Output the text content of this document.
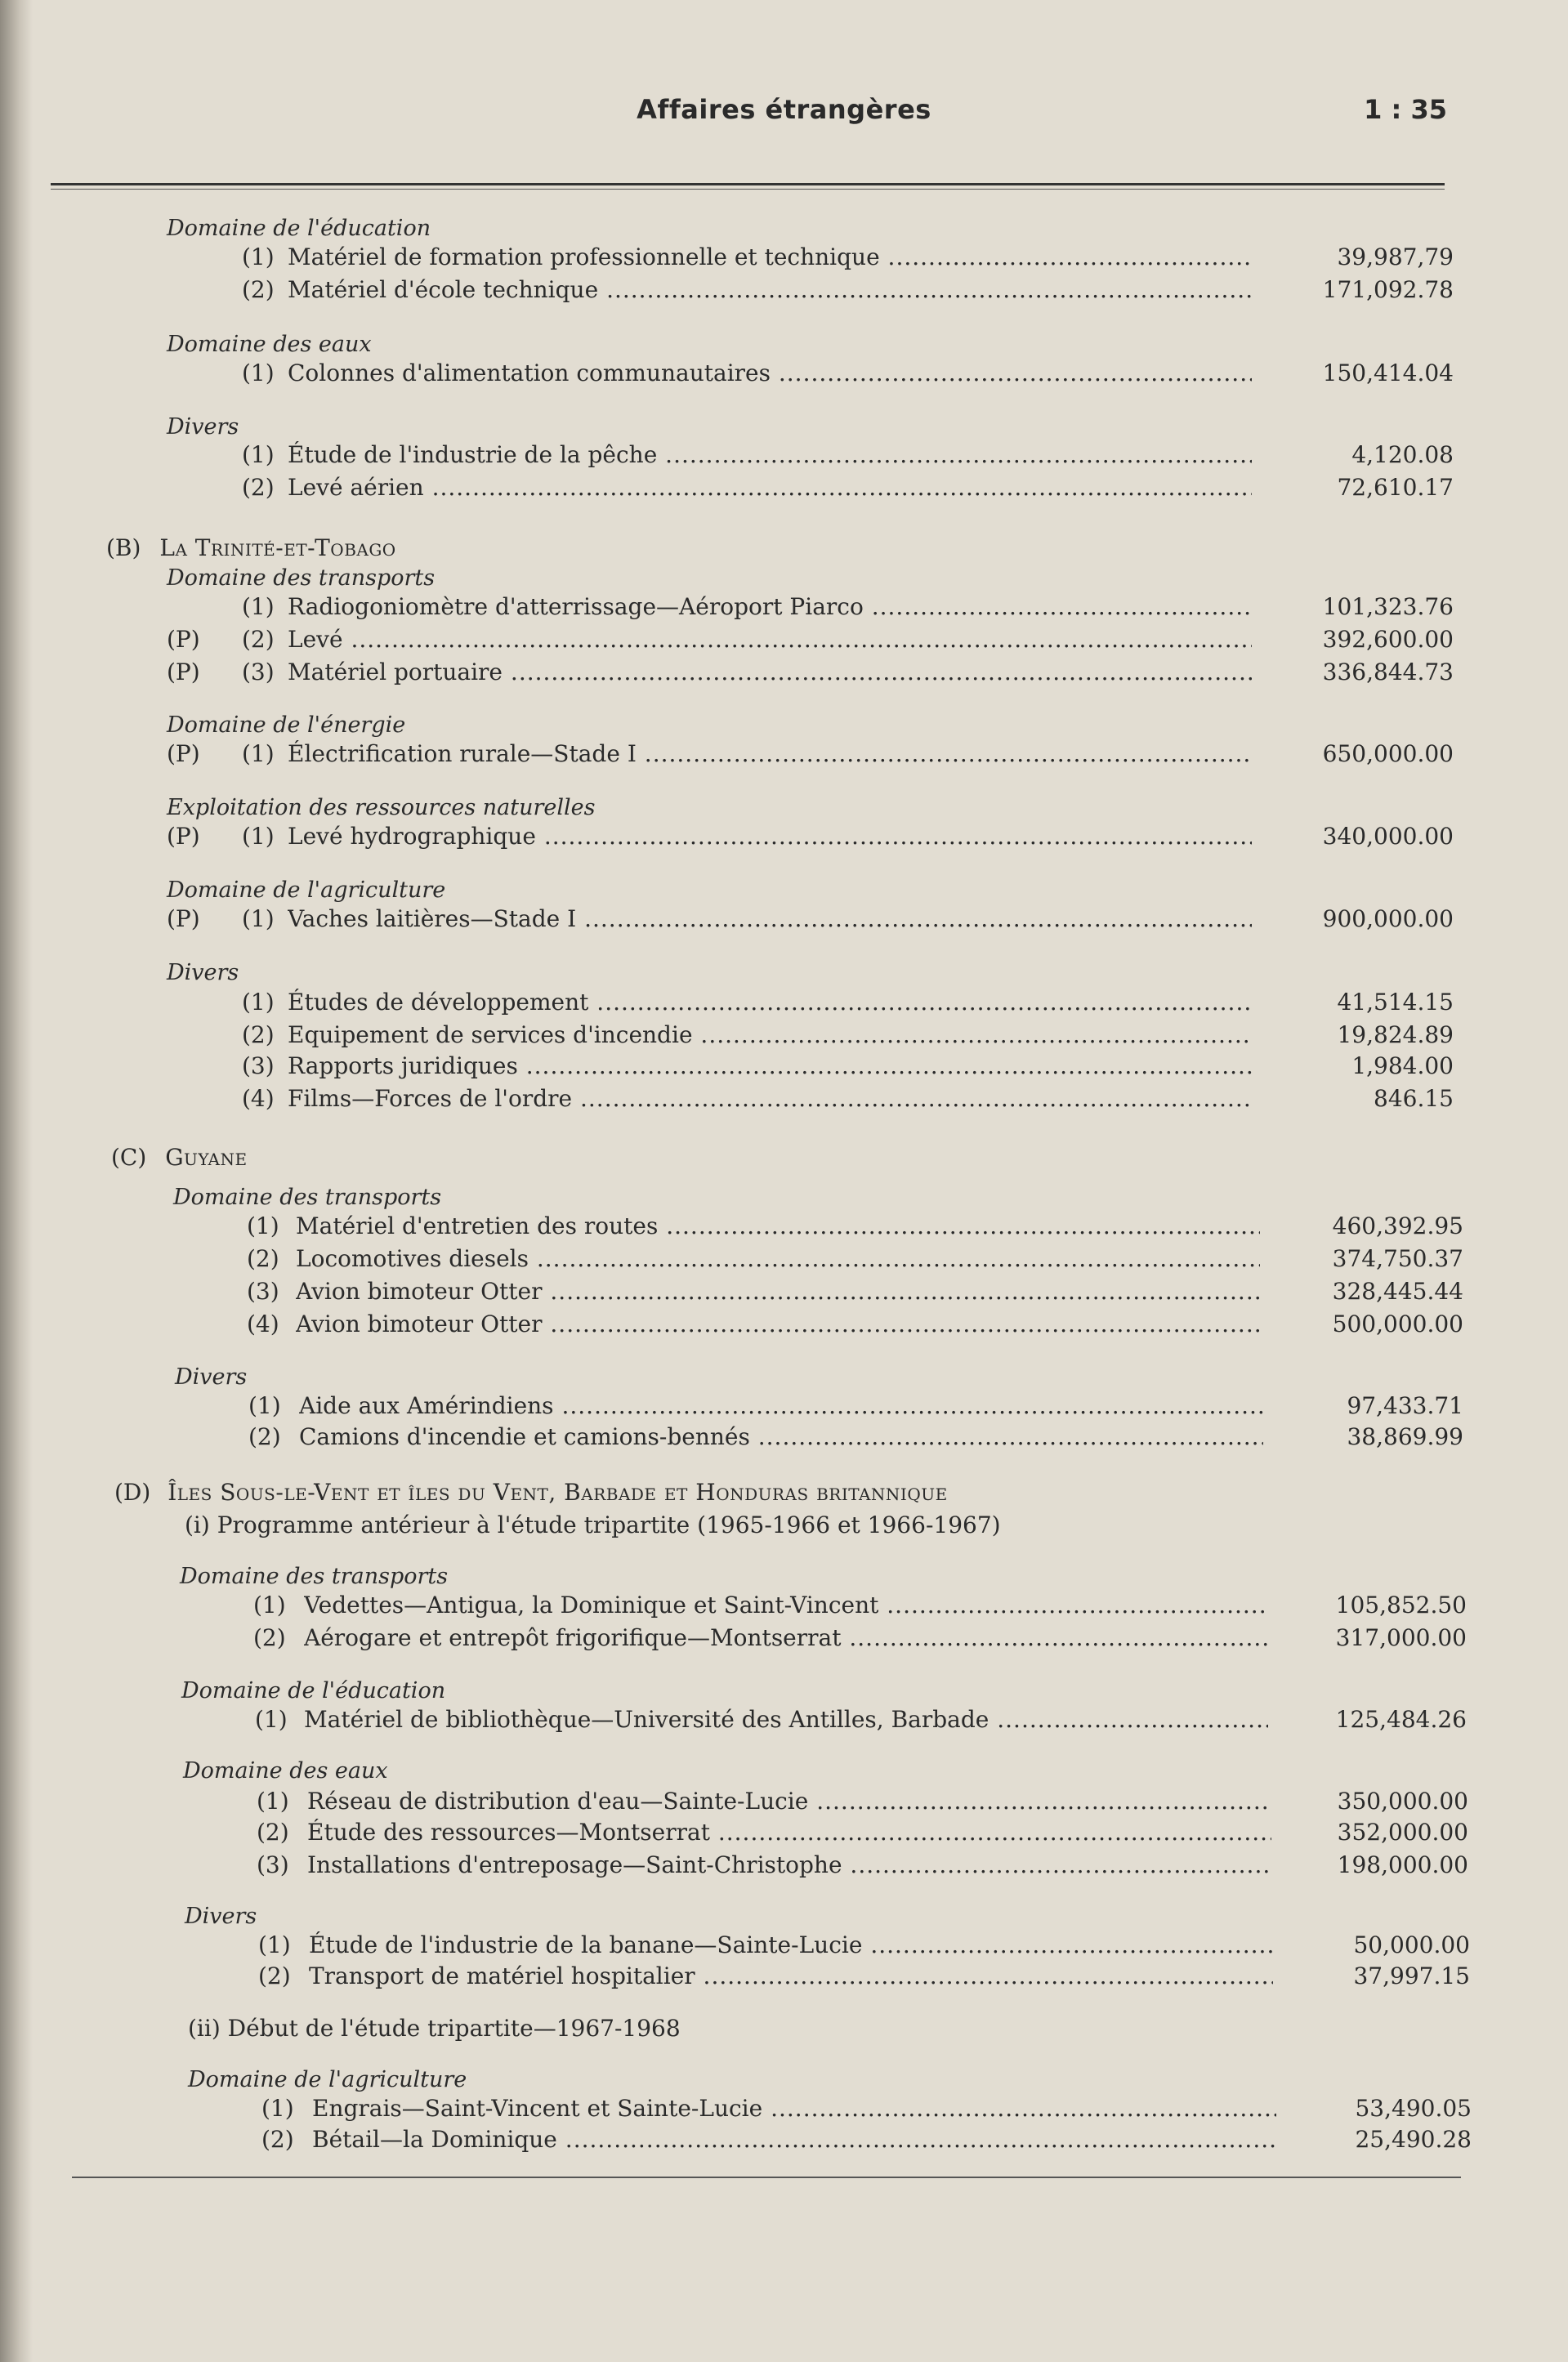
Affaires étrangères	1 : 35
Domaine de l'éducation
(1) Matériel de formation professionnelle et technique .....	39,987,79
(2) Matériel d'école technique .....	171,092.78
Domaine des eaux
(1) Colonnes d'alimentation communautaires .....	150,414.04
Divers
(1) Étude de l'industrie de la pêche .....	4,120.08
(2) Levé aérien .....	72,610.17
(B) La Trinité-et-Tobago
Domaine des transports
(1) Radiogoniomètre d'atterrissage—Aéroport Piarco .....	101,323.76
(P) (2) Levé .....	392,600.00
(P) (3) Matériel portuaire .....	336,844.73
Domaine de l'énergie
(P) (1) Électrification rurale—Stade I .....	650,000.00
Exploitation des ressources naturelles
(P) (1) Levé hydrographique .....	340,000.00
Domaine de l'agriculture
(P) (1) Vaches laitières—Stade I .....	900,000.00
Divers
(1) Études de développement .....	41,514.15
(2) Equipement de services d'incendie .....	19,824.89
(3) Rapports juridiques .....	1,984.00
(4) Films—Forces de l'ordre .....	846.15
(C) Guyane
Domaine des transports
(1) Matériel d'entretien des routes .....	460,392.95
(2) Locomotives diesels .....	374,750.37
(3) Avion bimoteur Otter .....	328,445.44
(4) Avion bimoteur Otter .....	500,000.00
Divers
(1) Aide aux Amérindiens .....	97,433.71
(2) Camions d'incendie et camions-bennés .....	38,869.99
(D) Îles Sous-le-Vent et îles du Vent, Barbade et Honduras britannique
(i) Programme antérieur à l'étude tripartite (1965-1966 et 1966-1967)
Domaine des transports
(1) Vedettes—Antigua, la Dominique et Saint-Vincent .....	105,852.50
(2) Aérogare et entrepôt frigorifique—Montserrat .....	317,000.00
Domaine de l'éducation
(1) Matériel de bibliothèque—Université des Antilles, Barbade .....	125,484.26
Domaine des eaux
(1) Réseau de distribution d'eau—Sainte-Lucie .....	350,000.00
(2) Étude des ressources—Montserrat .....	352,000.00
(3) Installations d'entreposage—Saint-Christophe .....	198,000.00
Divers
(1) Étude de l'industrie de la banane—Sainte-Lucie .....	50,000.00
(2) Transport de matériel hospitalier .....	37,997.15
(ii) Début de l'étude tripartite—1967-1968
Domaine de l'agriculture
(1) Engrais—Saint-Vincent et Sainte-Lucie .....	53,490.05
(2) Bétail—la Dominique .....	25,490.28
